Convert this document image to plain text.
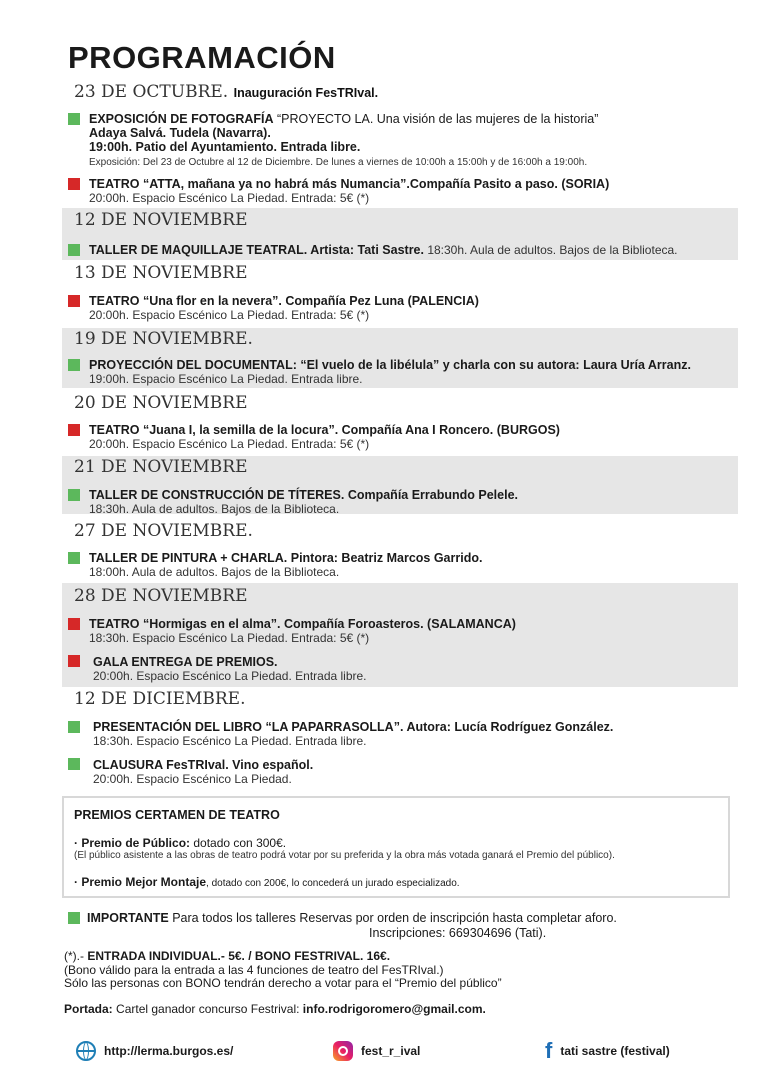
PROGRAMACIÓN
23 DE OCTUBRE. Inauguración FesTRIval.
12 DE NOVIEMBRE
13 DE NOVIEMBRE
19 DE NOVIEMBRE.
20 DE NOVIEMBRE
21 DE NOVIEMBRE
27 DE NOVIEMBRE.
28 DE NOVIEMBRE
12 DE DICIEMBRE.
EXPOSICIÓN DE FOTOGRAFÍA “PROYECTO LA. Una visión de las mujeres de la historia”
Adaya Salvá. Tudela (Navarra).
19:00h. Patio del Ayuntamiento. Entrada libre.
Exposición: Del 23 de Octubre al 12 de Diciembre. De lunes a viernes de 10:00h a 15:00h y de 16:00h a 19:00h.
TEATRO “ATTA, mañana ya no habrá más Numancia”.Compañía Pasito a paso. (SORIA)
20:00h. Espacio Escénico La Piedad. Entrada: 5€ (*)
TALLER DE MAQUILLAJE TEATRAL. Artista: Tati Sastre. 18:30h. Aula de adultos. Bajos de la Biblioteca.
TEATRO “Una flor en la nevera”. Compañía Pez Luna (PALENCIA)
20:00h. Espacio Escénico La Piedad. Entrada: 5€ (*)
PROYECCIÓN DEL DOCUMENTAL: “El vuelo de la libélula” y charla con su autora: Laura Uría Arranz.
19:00h. Espacio Escénico La Piedad. Entrada libre.
TEATRO “Juana I, la semilla de la locura”. Compañía Ana I Roncero. (BURGOS)
20:00h. Espacio Escénico La Piedad. Entrada: 5€ (*)
TALLER DE CONSTRUCCIÓN DE TÍTERES. Compañía Errabundo Pelele.
18:30h. Aula de adultos. Bajos de la Biblioteca.
TALLER DE PINTURA + CHARLA. Pintora: Beatriz Marcos Garrido.
18:00h. Aula de adultos. Bajos de la Biblioteca.
TEATRO “Hormigas en el alma”. Compañía Foroasteros. (SALAMANCA)
18:30h. Espacio Escénico La Piedad. Entrada: 5€ (*)
GALA ENTREGA DE PREMIOS.
20:00h. Espacio Escénico La Piedad. Entrada libre.
PRESENTACIÓN DEL LIBRO “LA PAPARRASOLLA”. Autora: Lucía Rodríguez González.
18:30h. Espacio Escénico La Piedad. Entrada libre.
CLAUSURA FesTRIval. Vino español.
20:00h. Espacio Escénico La Piedad.
PREMIOS CERTAMEN DE TEATRO
· Premio de Público: dotado con 300€.
(El público asistente a las obras de teatro podrá votar por su preferida y la obra más votada ganará el Premio del público).
· Premio Mejor Montaje, dotado con 200€, lo concederá un jurado especializado.
IMPORTANTE Para todos los talleres Reservas por orden de inscripción hasta completar aforo.
Inscripciones: 669304696 (Tati).
(*).- ENTRADA INDIVIDUAL.- 5€. / BONO FESTRIVAL. 16€.
(Bono válido para la entrada a las 4 funciones de teatro del FesTRIval.)
Sólo las personas con BONO tendrán derecho a votar para el “Premio del público”
Portada: Cartel ganador concurso Festrival: info.rodrigoromero@gmail.com.
http://lerma.burgos.es/	fest_r_ival	f tati sastre (festival)
